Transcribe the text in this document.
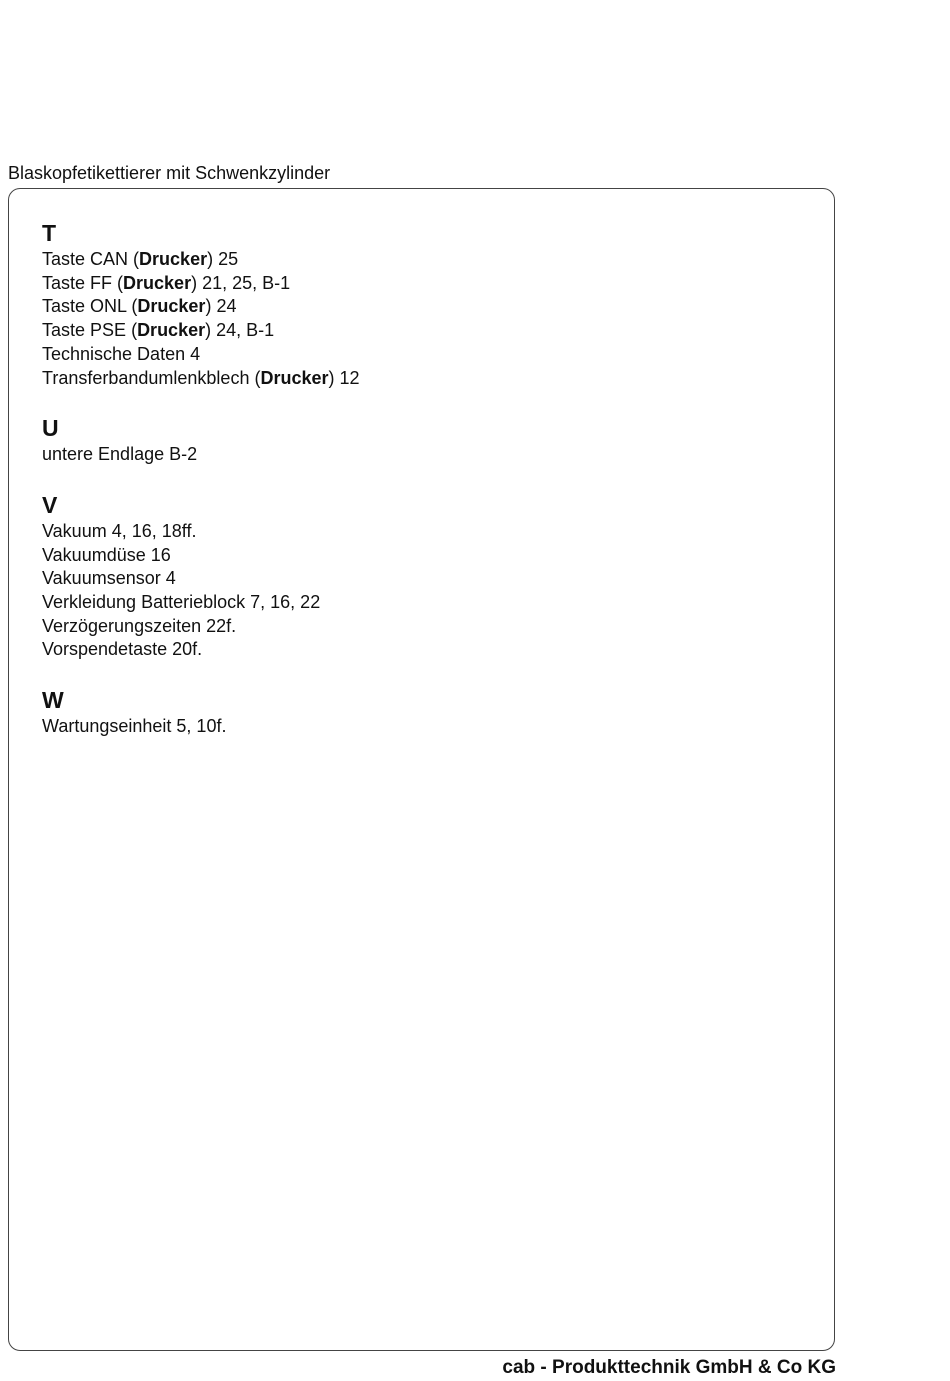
Blaskopfetikettierer mit Schwenkzylinder
T
Taste CAN (Drucker) 25
Taste FF (Drucker) 21, 25, B-1
Taste ONL (Drucker) 24
Taste PSE (Drucker) 24, B-1
Technische Daten 4
Transferbandumlenkblech (Drucker) 12
U
untere Endlage B-2
V
Vakuum 4, 16, 18ff.
Vakuumdüse 16
Vakuumsensor 4
Verkleidung Batterieblock 7, 16, 22
Verzögerungszeiten 22f.
Vorspendetaste 20f.
W
Wartungseinheit 5, 10f.
cab - Produkttechnik GmbH & Co KG
